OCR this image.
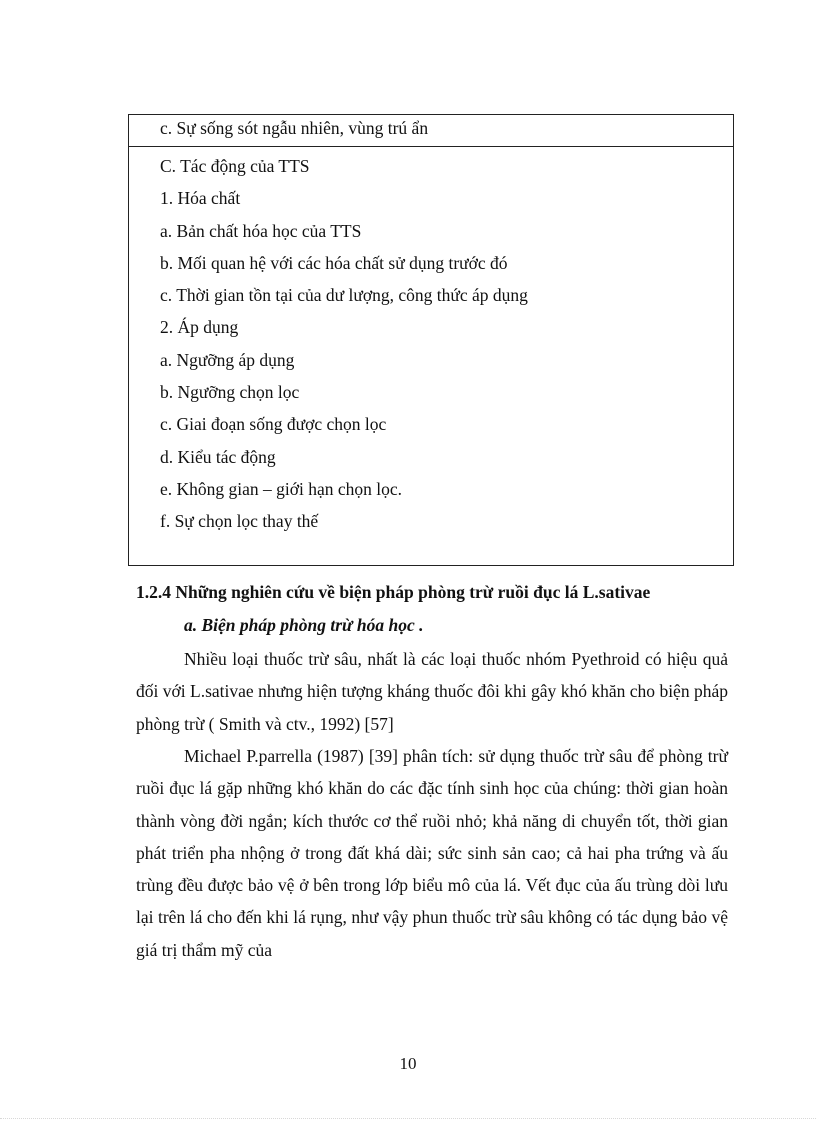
c. Sự sống sót ngẫu nhiên, vùng trú ẩn
C. Tác động của TTS
1. Hóa chất
a. Bản chất hóa học của TTS
b. Mối quan hệ với các hóa chất sử dụng trước đó
c. Thời gian tồn tại của dư lượng, công thức áp dụng
2. Áp dụng
a. Ngưỡng áp dụng
b. Ngưỡng chọn lọc
c. Giai đoạn sống được chọn lọc
d. Kiểu tác động
e. Không gian – giới hạn chọn lọc.
f. Sự chọn lọc thay thế
1.2.4 Những nghiên cứu về biện pháp phòng trừ ruồi đục lá L.sativae
a. Biện pháp phòng trừ hóa học .

Nhiều loại thuốc trừ sâu, nhất là các loại thuốc nhóm Pyethroid có hiệu quả đối với L.sativae nhưng hiện tượng kháng thuốc đôi khi gây khó khăn cho biện pháp phòng trừ ( Smith và ctv., 1992) [57]

Michael P.parrella (1987) [39] phân tích: sử dụng thuốc trừ sâu để phòng trừ ruồi đục lá gặp những khó khăn do các đặc tính sinh học của chúng: thời gian hoàn thành vòng đời ngắn; kích thước cơ thể ruồi nhỏ; khả năng di chuyển tốt, thời gian phát triển pha nhộng ở trong đất khá dài; sức sinh sản cao; cả hai pha trứng và ấu trùng đều được bảo vệ ở bên trong lớp biểu mô của lá. Vết đục của ấu trùng dòi lưu lại trên lá cho đến khi lá rụng, như vậy phun thuốc trừ sâu không có tác dụng bảo vệ giá trị thẩm mỹ của

10
